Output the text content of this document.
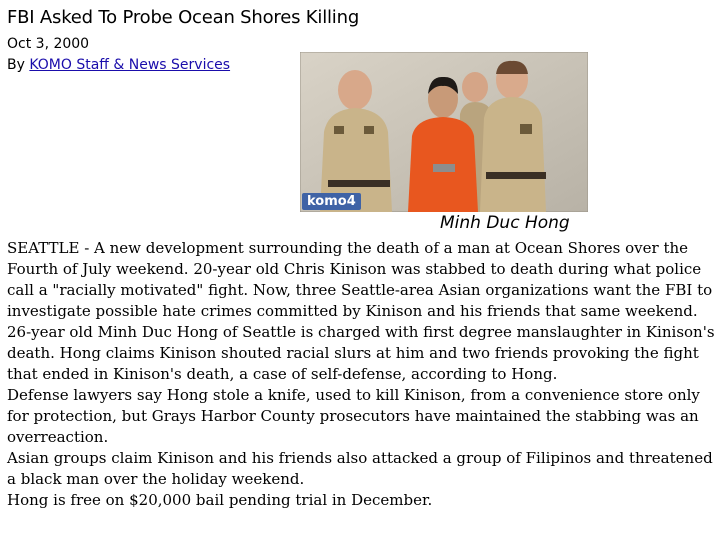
FBI Asked To Probe Ocean Shores Killing
Oct 3, 2000
By KOMO Staff & News Services
komo4
Minh Duc Hong

SEATTLE - A new development surrounding the death of a man at Ocean Shores over the Fourth of July weekend. 20-year old Chris Kinison was stabbed to death during what police call a "racially motivated" fight. Now, three Seattle-area Asian organizations want the FBI to investigate possible hate crimes committed by Kinison and his friends that same weekend.

26-year old Minh Duc Hong of Seattle is charged with first degree manslaughter in Kinison's death. Hong claims Kinison shouted racial slurs at him and two friends provoking the fight that ended in Kinison's death, a case of self-defense, according to Hong.

Defense lawyers say Hong stole a knife, used to kill Kinison, from a convenience store only for protection, but Grays Harbor County prosecutors have maintained the stabbing was an overreaction.

Asian groups claim Kinison and his friends also attacked a group of Filipinos and threatened a black man over the holiday weekend.

Hong is free on $20,000 bail pending trial in December.
